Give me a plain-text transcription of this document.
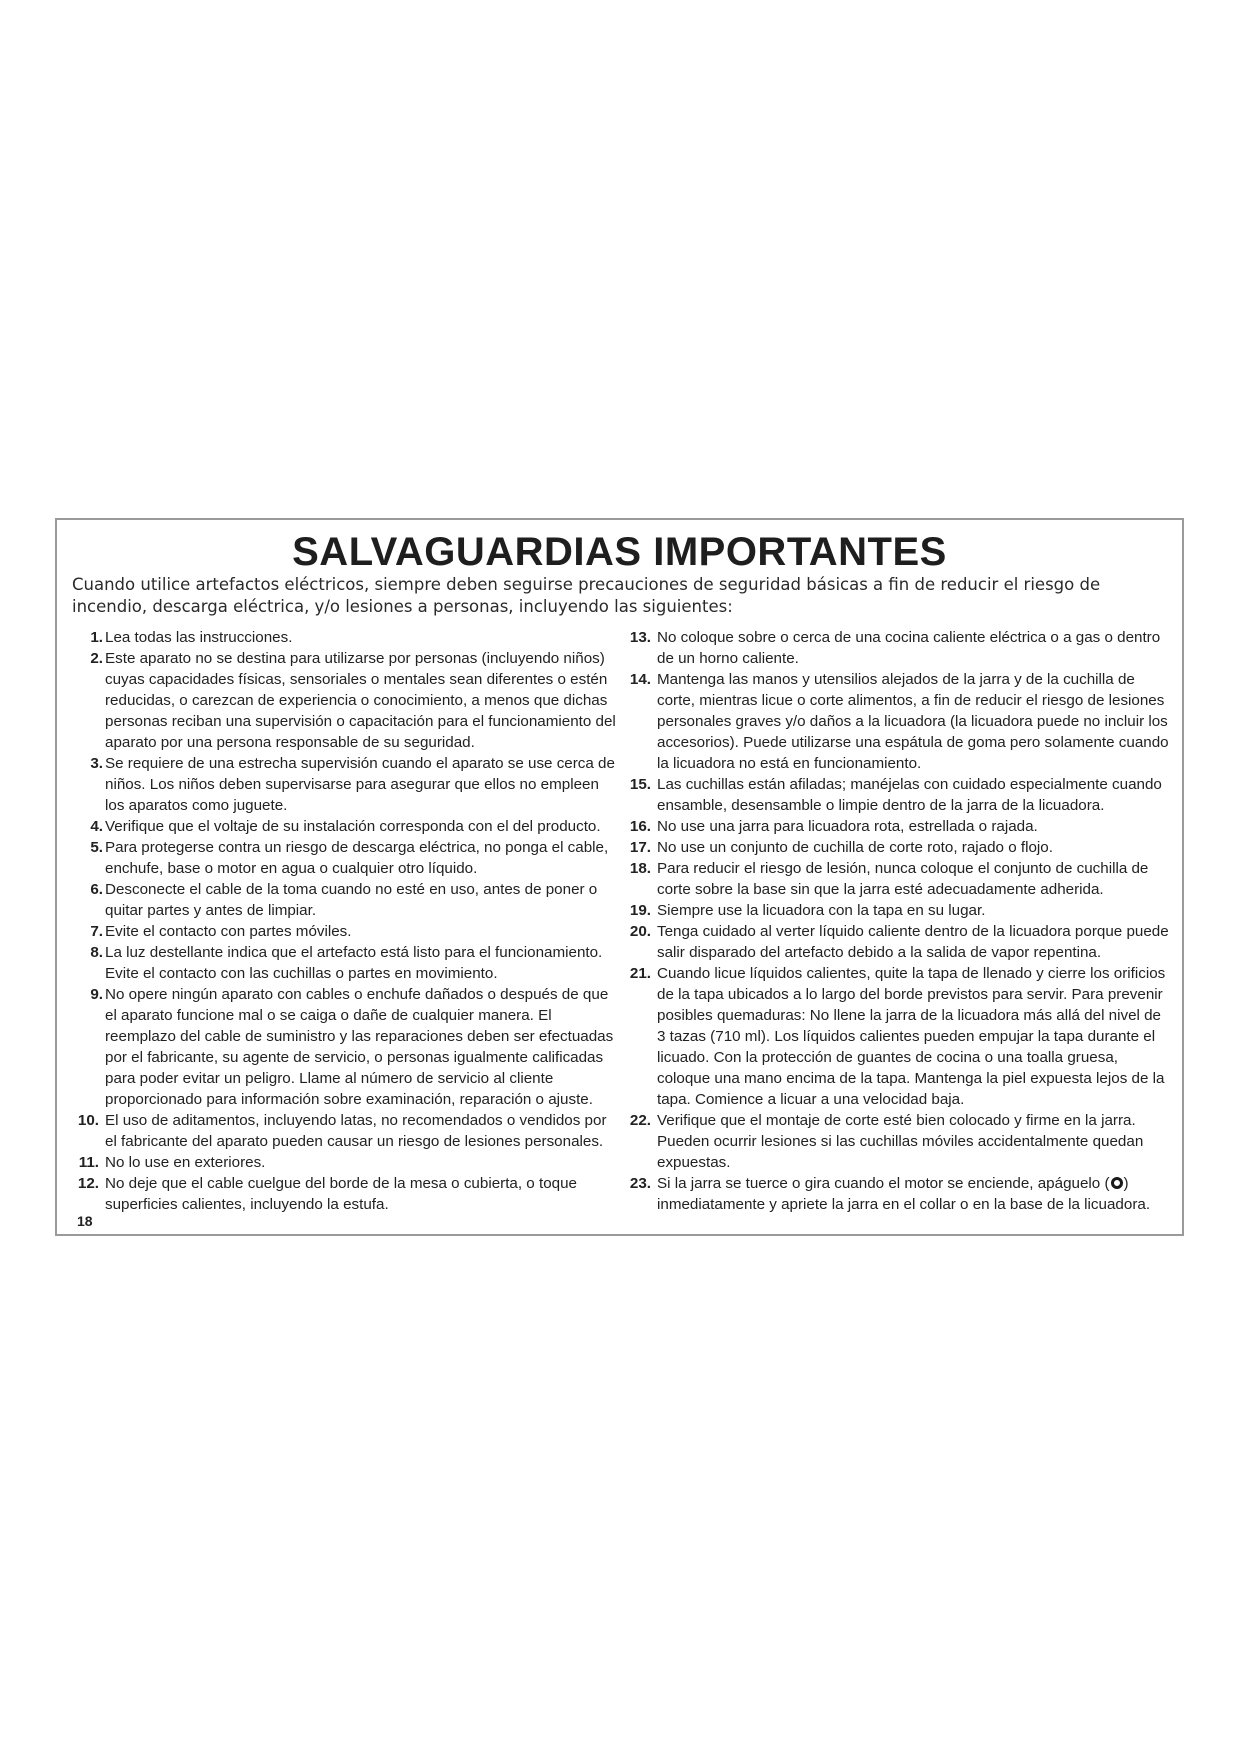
SALVAGUARDIAS IMPORTANTES

Cuando utilice artefactos eléctricos, siempre deben seguirse precauciones de seguridad básicas a fin de reducir el riesgo de incendio, descarga eléctrica, y/o lesiones a personas, incluyendo las siguientes:

1. Lea todas las instrucciones.
2. Este aparato no se destina para utilizarse por personas (incluyendo niños) cuyas capacidades físicas, sensoriales o mentales sean diferentes o estén reducidas, o carezcan de experiencia o conocimiento, a menos que dichas personas reciban una supervisión o capacitación para el funcionamiento del aparato por una persona responsable de su seguridad.
3. Se requiere de una estrecha supervisión cuando el aparato se use cerca de niños. Los niños deben supervisarse para asegurar que ellos no empleen los aparatos como juguete.
4. Verifique que el voltaje de su instalación corresponda con el del producto.
5. Para protegerse contra un riesgo de descarga eléctrica, no ponga el cable, enchufe, base o motor en agua o cualquier otro líquido.
6. Desconecte el cable de la toma cuando no esté en uso, antes de poner o quitar partes y antes de limpiar.
7. Evite el contacto con partes móviles.
8. La luz destellante indica que el artefacto está listo para el funcionamiento. Evite el contacto con las cuchillas o partes en movimiento.
9. No opere ningún aparato con cables o enchufe dañados o después de que el aparato funcione mal o se caiga o dañe de cualquier manera. El reemplazo del cable de suministro y las reparaciones deben ser efectuadas por el fabricante, su agente de servicio, o personas igualmente calificadas para poder evitar un peligro. Llame al número de servicio al cliente proporcionado para información sobre examinación, reparación o ajuste.
10. El uso de aditamentos, incluyendo latas, no recomendados o vendidos por el fabricante del aparato pueden causar un riesgo de lesiones personales.
11. No lo use en exteriores.
12. No deje que el cable cuelgue del borde de la mesa o cubierta, o toque superficies calientes, incluyendo la estufa.
13. No coloque sobre o cerca de una cocina caliente eléctrica o a gas o dentro de un horno caliente.
14. Mantenga las manos y utensilios alejados de la jarra y de la cuchilla de corte, mientras licue o corte alimentos, a fin de reducir el riesgo de lesiones personales graves y/o daños a la licuadora (la licuadora puede no incluir los accesorios). Puede utilizarse una espátula de goma pero solamente cuando la licuadora no está en funcionamiento.
15. Las cuchillas están afiladas; manéjelas con cuidado especialmente cuando ensamble, desensamble o limpie dentro de la jarra de la licuadora.
16. No use una jarra para licuadora rota, estrellada o rajada.
17. No use un conjunto de cuchilla de corte roto, rajado o flojo.
18. Para reducir el riesgo de lesión, nunca coloque el conjunto de cuchilla de corte sobre la base sin que la jarra esté adecuadamente adherida.
19. Siempre use la licuadora con la tapa en su lugar.
20. Tenga cuidado al verter líquido caliente dentro de la licuadora porque puede salir disparado del artefacto debido a la salida de vapor repentina.
21. Cuando licue líquidos calientes, quite la tapa de llenado y cierre los orificios de la tapa ubicados a lo largo del borde previstos para servir. Para prevenir posibles quemaduras: No llene la jarra de la licuadora más allá del nivel de 3 tazas (710 ml). Los líquidos calientes pueden empujar la tapa durante el licuado. Con la protección de guantes de cocina o una toalla gruesa, coloque una mano encima de la tapa. Mantenga la piel expuesta lejos de la tapa. Comience a licuar a una velocidad baja.
22. Verifique que el montaje de corte esté bien colocado y firme en la jarra. Pueden ocurrir lesiones si las cuchillas móviles accidentalmente quedan expuestas.
23. Si la jarra se tuerce o gira cuando el motor se enciende, apáguelo ( ) inmediatamente y apriete la jarra en el collar o en la base de la licuadora.
18
